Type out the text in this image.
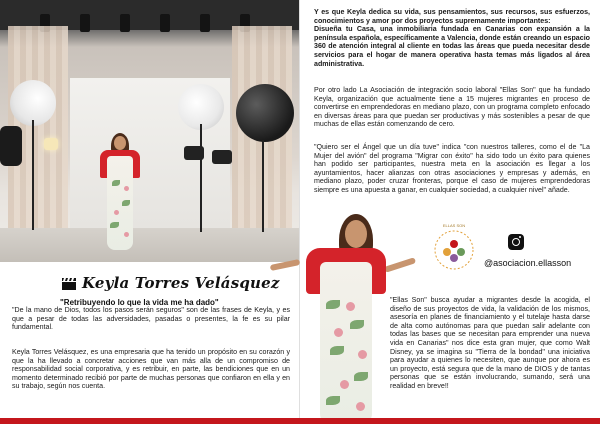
Keyla Torres Velásquez
"Retribuyendo lo que la vida me ha dado"

"De la mano de Dios, todos los pasos serán seguros" son de las frases de Keyla, y es que a pesar de todas las adversidades, pasadas o presentes, la fe es su pilar fundamental.

Keyla Torres Velásquez, es una empresaria que ha tenido un propósito en su corazón y que la ha llevado a concretar acciones que van más alla de un compromiso de responsabilidad social corporativa, y es retribuir, en parte, las bendiciones que en un momento determinado recibió por parte de muchas personas que confiaron en ella y en su trabajo, según nos cuenta.

Y es que Keyla dedica su vida, sus pensamientos, sus recursos, sus esfuerzos, conocimientos y amor por dos proyectos supremamente importantes:
Disueña tu Casa, una inmobiliaria fundada en Canarias con expansión a la península española, específicamente a Valencia, donde están creando un espacio 360 de atención integral al cliente en todas las áreas que pueda necesitar desde servicios para el hogar de manera operativa hasta temas más ligados al área administrativa.
Por otro lado La Asociación de integración socio laboral "Ellas Son" que ha fundado Keyla, organización que actualmente tiene a 15 mujeres migrantes en proceso de convertirse en emprendedoras en mediano plazo, con un programa completo enfocado en diversas áreas para que puedan ser productivas y más sostenibles a pesar de que muchas de ellas están comenzando de cero.
"Quiero ser el Ángel que un día tuve" indica "con nuestros talleres, como el de "La Mujer del avión" del programa "Migrar con éxito" ha sido todo un éxito para quienes han podido ser participantes, nuestra meta en la asociación es llegar a los ayuntamientos, hacer alianzas con otras asociaciones y empresas y además, en mediano plazo, poder cruzar fronteras, porque el caso de mujeres emprendedoras siempre es una apuesta a ganar, en cualquier sociedad, a cualquier nivel" añade.
ELLAS SON
@asociacion.ellasson
"Ellas Son" busca ayudar a migrantes desde la acogida, el diseño de sus proyectos de vida, la validación de los mismos, asesoría en planes de financiamiento y el tutelaje hasta darse de alta como autónomas para que puedan salir adelante con todas las bases que se necesitan para emprender una nueva vida en Canarias" nos dice esta gran mujer, que como Walt Disney, ya se imagina su "Tierra de la bondad" una iniciativa para ayudar a quienes lo necesiten, que aunque por ahora es un proyecto, está segura que de la mano de DIOS y de tantas personas que se están involucrando, sumando, será una realidad en breve!!
